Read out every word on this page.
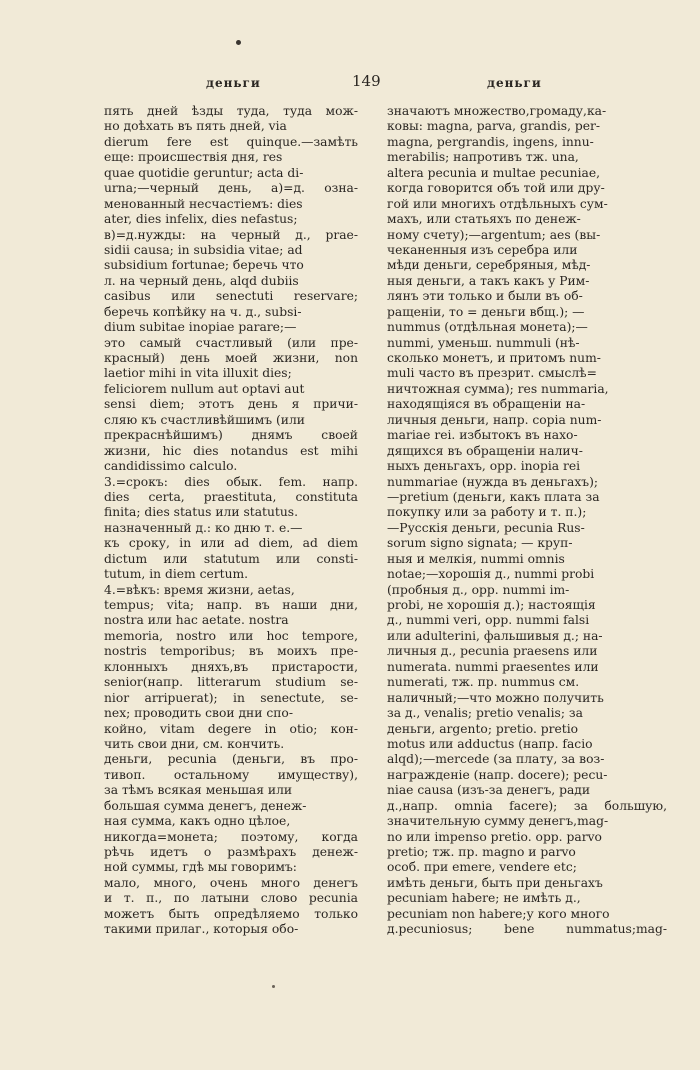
деньги	149	деньги
пять дней ѣзды туда, туда мож-
но доѣхать въ пять дней, via
dierum fere est quinque.—замѣть
еще: происшествія дня, res
quae quotidie geruntur; acta di-
urna;—черный день, a)=д. озна-
менованный несчастіемъ: dies
ater, dies infelix, dies nefastus;
в)=д.нужды: на черный д., prae-
sidii causa; in subsidia vitae; ad
subsidium fortunae; беречь что
л. на черный день, alqd dubiis
casibus или senectuti reservare;
беречь копѣйку на ч. д., subsi-
dium subitae inopiae parare;—
это самый счастливый (или пре-
красный) день моей жизни, non
laetior mihi in vita illuxit dies;
feliciorem nullum aut optavi aut
sensi diem; этотъ день я причи-
сляю къ счастливѣйшимъ (или
прекраснѣйшимъ) днямъ своей
жизни, hic dies notandus est mihi
candidissimo calculo.
3.=срокъ: dies обык. fem. напр.
dies certa, praestituta, constituta
finita; dies status или statutus.
назначенный д.: ко дню т. е.—
къ сроку, in или ad diem, ad diem
dictum или statutum или consti-
tutum, in diem certum.
4.=вѣкъ: время жизни, aetas,
tempus; vita; напр. въ наши дни,
nostra или hac aetate. nostra
memoria, nostro или hoc tempore,
nostris temporibus; въ моихъ пре-
клонныхъ дняхъ,въ пристарости,
senior(напр. litterarum studium se-
nior arripuerat); in senectute, se-
nex; проводить свои дни спо-
койно, vitam degere in otio; кон-
чить свои дни, см. кончить.
деньги, pecunia (деньги, въ про-
тивоп. остальному имуществу),
за тѣмъ всякая меньшая или
большая сумма денегъ, денеж-
ная сумма, какъ одно цѣлое,
никогда=монета; поэтому, когда
рѣчь идетъ о размѣрахъ денеж-
ной суммы, гдѣ мы говоримъ:
мало, много, очень много денегъ
и т. п., по латыни слово pecunia
можетъ быть опредѣляемо только
такими прилаг., которыя обо-
значаютъ множество,громаду,ка-
ковы: magna, parva, grandis, per-
magna, pergrandis, ingens, innu-
merabilis; напротивъ тж. una,
altera pecunia и multae pecuniae,
когда говорится объ той или дру-
гой или многихъ отдѣльныхъ сум-
махъ, или статьяхъ по денеж-
ному счету);—argentum; aes (вы-
чеканенныя изъ серебра или
мѣди деньги, серебряныя, мѣд-
ныя деньги, а такъ какъ у Рим-
лянъ эти только и были въ об-
ращеніи, то = деньги вбщ.); —
nummus (отдѣльная монета);—
nummi, уменьш. nummuli (нѣ-
сколько монетъ, и притомъ num-
muli часто въ презрит. смыслѣ=
ничтожная сумма); res nummaria,
находящіяся въ обращеніи на-
личныя деньги, напр. copia num-
mariae rei. избытокъ въ нахо-
дящихся въ обращеніи налич-
ныхъ деньгахъ, opp. inopia rei
nummariae (нужда въ деньгахъ);
—pretium (деньги, какъ плата за
покупку или за работу и т. п.);
—Русскія деньги, pecunia Rus-
sorum signo signata; — круп-
ныя и мелкія, nummi omnis
notae;—хорошія д., nummi probi
(пробныя д., opp. nummi im-
probi, не хорошія д.); настоящія
д., nummi veri, opp. nummi falsi
или adulterini, фальшивыя д.; на-
личныя д., pecunia praesens или
numerata. nummi praesentes или
numerati, тж. пр. nummus см.
наличный;—что можно получить
за д., venalis; pretio venalis; за
деньги, argento; pretio. pretio
motus или adductus (напр. facio
alqd);—mercede (за плату, за воз-
награжденіе (напр. docere); pecu-
niae causa (изъ-за денегъ, ради
д.,напр. omnia facere); за большую,
значительную сумму денегъ,mag-
no или impenso pretio. opp. parvo
pretio; тж. пр. magno и parvo
особ. при emere, vendere etc;
имѣть деньги, быть при деньгахъ
pecuniam habere; не имѣть д.,
pecuniam non habere;у кого много
д.pecuniosus; bene nummatus;mag-
